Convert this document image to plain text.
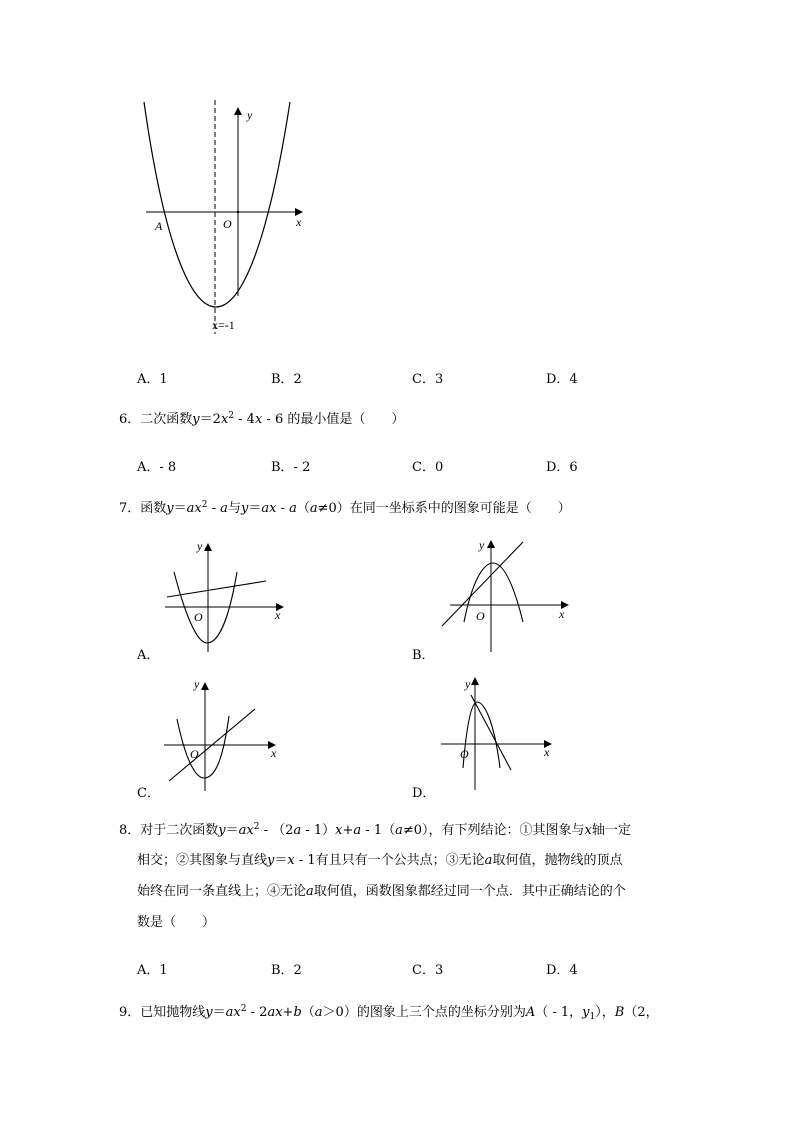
y
x
O
A
x=-1
A．1	B．2	C．3	D．4
6．二次函数$y=2x^2 - 4x - 6$ 的最小值是（　　）
A．- 8	B．- 2	C．0	D．6
7．函数$y=ax^2 - a$与y＝ax - a（a≠0）在同一坐标系中的图象可能是（　　）
y
x
O
y
x
O
y
x
O
y
x
O
A．	B．
C．	D．
8．对于二次函数$y=ax^2 - (2a - 1)x+a - 1(a\ne 0)$，有下列结论：①其图象与x轴一定
相交；②其图象与直线y＝x - 1有且只有一个公共点；③无论a取何值，抛物线的顶点
始终在同一条直线上；④无论a取何值，函数图象都经过同一个点．其中正确结论的个
数是（　　）
A．1	B．2	C．3	D．4
9．已知抛物线$y=ax^2 - 2ax+b(a>0)$的图象上三个点的坐标分别为A（ - 1，$y_1$），B（2，
